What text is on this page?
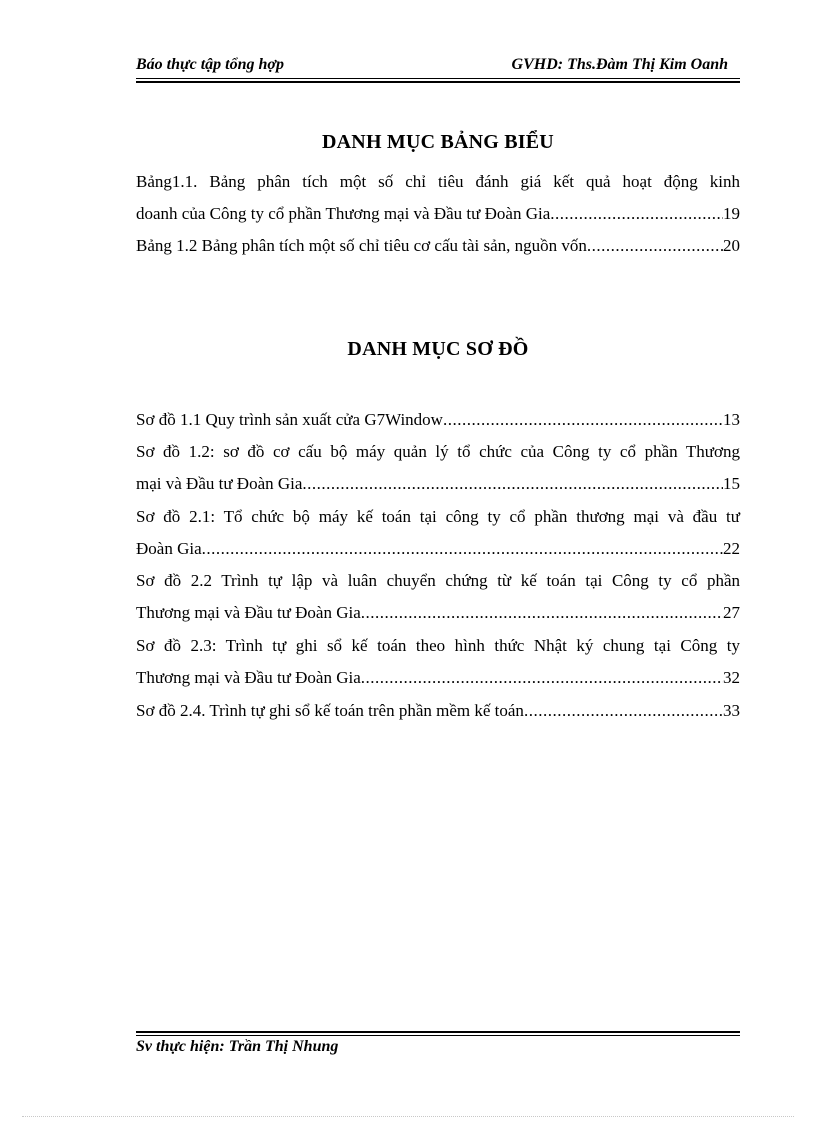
Báo thực tập tổng hợp	GVHD: Ths.Đàm Thị Kim Oanh
DANH MỤC BẢNG BIỂU
Bảng1.1. Bảng phân tích một số chỉ tiêu đánh giá kết quả hoạt động kinh
doanh của Công ty cổ phần Thương mại và Đầu tư Đoàn Gia .....	19
Bảng 1.2 Bảng phân tích một số chỉ tiêu cơ cấu tài sản, nguồn vốn .....	20
DANH MỤC SƠ ĐỒ
Sơ đồ 1.1 Quy trình sản xuất cửa G7Window .....	13
Sơ đồ 1.2: sơ đồ cơ cấu bộ máy quản lý tổ chức của Công ty cổ phần Thương
mại và Đầu tư Đoàn Gia .....	15
Sơ đồ 2.1: Tổ chức bộ máy kế toán tại công ty cổ phần thương mại và đầu tư
Đoàn Gia .....	22
Sơ đồ 2.2 Trình tự lập và luân chuyển chứng từ kế toán tại Công ty cổ phần
Thương mại và Đầu tư Đoàn Gia .....	27
Sơ đồ 2.3: Trình tự ghi sổ kế toán theo hình thức Nhật ký chung tại Công ty
Thương mại và Đầu tư Đoàn Gia .....	32
Sơ đồ 2.4. Trình tự ghi sổ kế toán trên phần mềm kế toán .....	33
Sv thực hiện: Trần Thị Nhung
